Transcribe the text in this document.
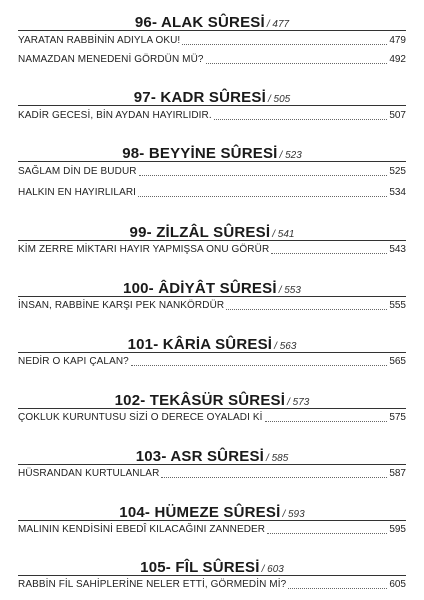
96- ALAK SÛRESİ / 477
YARATAN RABBİNİN ADIYLA OKU!	479
NAMAZDAN MENEDENİ GÖRDÜN MÜ?	492
97- KADR SÛRESİ / 505
KADİR GECESİ, BİN AYDAN HAYIRLIDIR.	507
98- BEYYİNE SÛRESİ / 523
SAĞLAM DİN DE BUDUR	525
HALKIN EN HAYIRLILARI	534
99- ZİLZÂL SÛRESİ / 541
KİM ZERRE MİKTARI HAYIR YAPMIŞSA ONU GÖRÜR	543
100- ÂDİYÂT SÛRESİ / 553
İNSAN, RABBİNE KARŞI PEK NANKÖRDÜR	555
101- KÂRİA SÛRESİ / 563
NEDİR O KAPI ÇALAN?	565
102- TEKÂSÜR SÛRESİ / 573
ÇOKLUK KURUNTUSU SİZİ O DERECE OYALADI Kİ	575
103- ASR SÛRESİ / 585
HÜSRANDAN KURTULANLAR	587
104- HÜMEZE SÛRESİ / 593
MALININ KENDİSİNİ EBEDÎ KILACAĞINI ZANNEDER	595
105- FÎL SÛRESİ / 603
RABBİN FİL SAHİPLERİNE NELER ETTİ, GÖRMEDİN Mİ?	605
